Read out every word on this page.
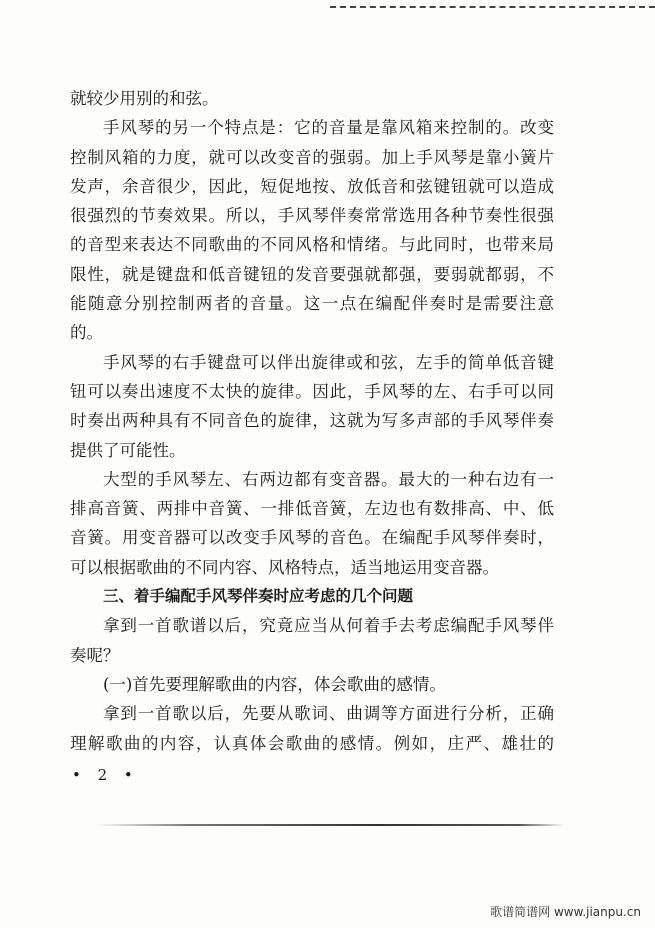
就较少用别的和弦。
手风琴的另一个特点是：它的音量是靠风箱来控制的。改变
控制风箱的力度，就可以改变音的强弱。加上手风琴是靠小簧片
发声，余音很少，因此，短促地按、放低音和弦键钮就可以造成
很强烈的节奏效果。所以，手风琴伴奏常常选用各种节奏性很强
的音型来表达不同歌曲的不同风格和情绪。与此同时，也带来局
限性，就是键盘和低音键钮的发音要强就都强，要弱就都弱，不
能随意分别控制两者的音量。这一点在编配伴奏时是需要注意
的。
手风琴的右手键盘可以伴出旋律或和弦，左手的简单低音键
钮可以奏出速度不太快的旋律。因此，手风琴的左、右手可以同
时奏出两种具有不同音色的旋律，这就为写多声部的手风琴伴奏
提供了可能性。
大型的手风琴左、右两边都有变音器。最大的一种右边有一
排高音簧、两排中音簧、一排低音簧，左边也有数排高、中、低
音簧。用变音器可以改变手风琴的音色。在编配手风琴伴奏时，
可以根据歌曲的不同内容、风格特点，适当地运用变音器。
三、着手编配手风琴伴奏时应考虑的几个问题
拿到一首歌谱以后，究竟应当从何着手去考虑编配手风琴伴
奏呢？
(一)首先要理解歌曲的内容，体会歌曲的感情。
拿到一首歌以后，先要从歌词、曲调等方面进行分析，正确
理解歌曲的内容，认真体会歌曲的感情。例如，庄严、雄壮的
• 2 •
歌谱简谱网 www.jianpu.cn
